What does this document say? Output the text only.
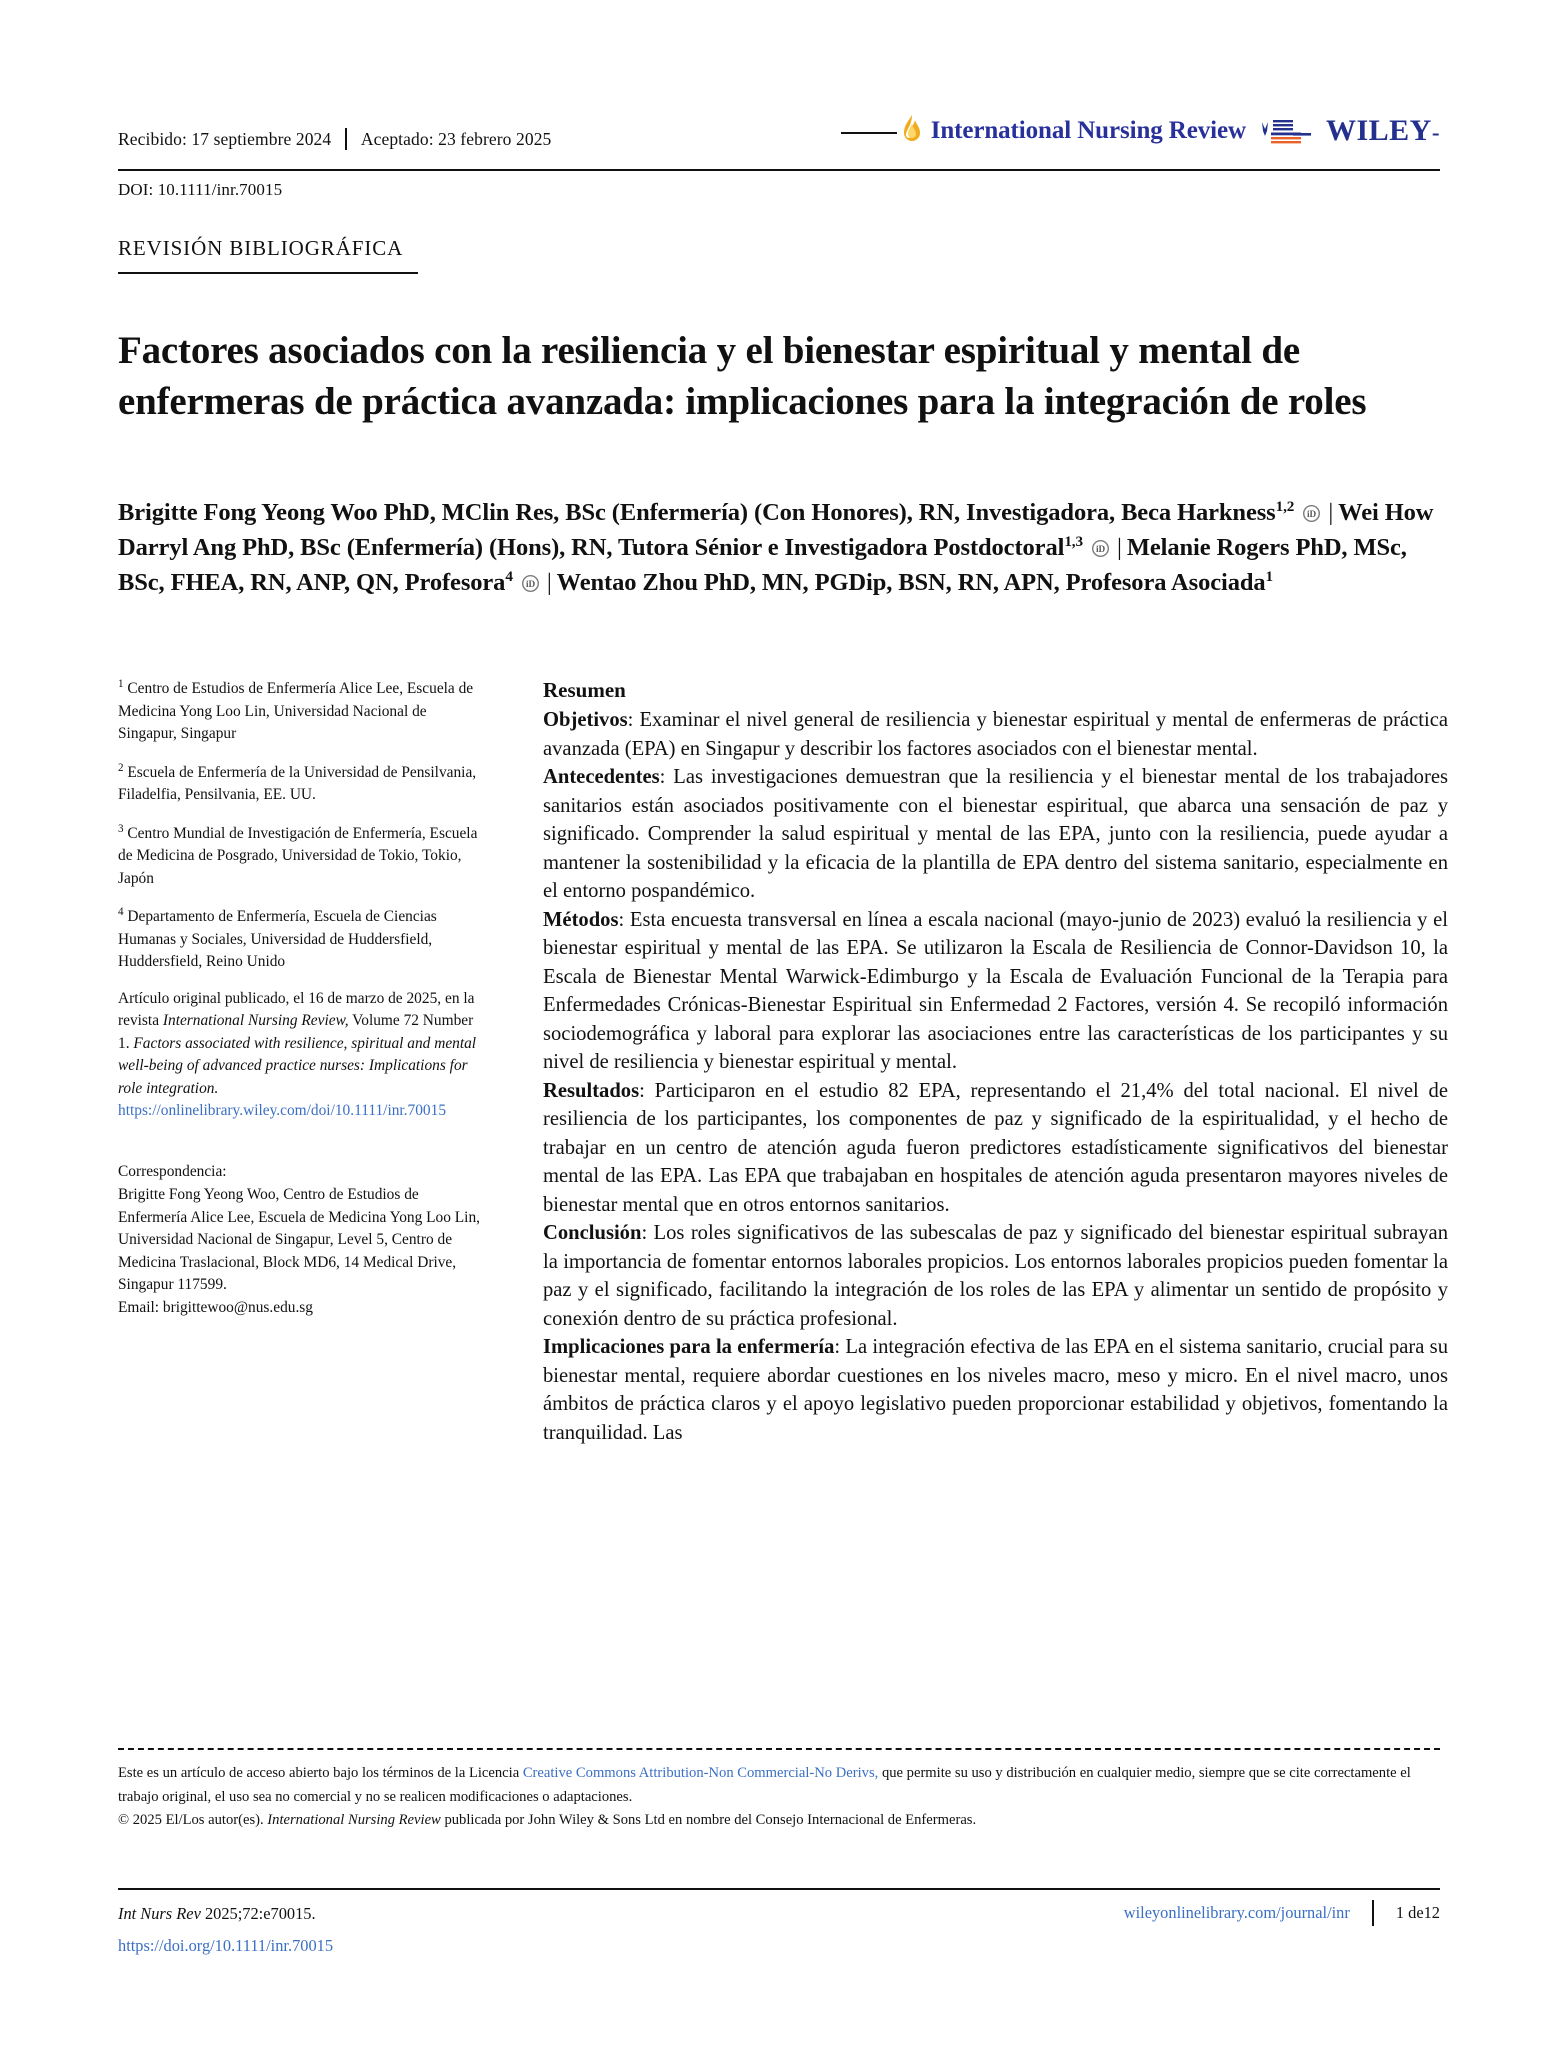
Recibido: 17 septiembre 2024 Aceptado: 23 febrero 2025	International Nursing Review	WILEY-
DOI: 10.1111/inr.70015
REVISIÓN BIBLIOGRÁFICA
Factores asociados con la resiliencia y el bienestar espiritual y mental de enfermeras de práctica avanzada: implicaciones para la integración de roles
Brigitte Fong Yeong Woo PhD, MClin Res, BSc (Enfermería) (Con Honores), RN, Investigadora, Beca Harkness$^{1,2}$ iD | Wei How Darryl Ang PhD, BSc (Enfermería) (Hons), RN, Tutora Sénior e Investigadora Postdoctoral$^{1,3}$ iD | Melanie Rogers PhD, MSc, BSc, FHEA, RN, ANP, QN, Profesora$^4$ iD | Wentao Zhou PhD, MN, PGDip, BSN, RN, APN, Profesora Asociada$^1$
$^1$ Centro de Estudios de Enfermería Alice Lee, Escuela de Medicina Yong Loo Lin, Universidad Nacional de Singapur, Singapur
$^2$ Escuela de Enfermería de la Universidad de Pensilvania, Filadelfia, Pensilvania, EE. UU.
$^3$ Centro Mundial de Investigación de Enfermería, Escuela de Medicina de Posgrado, Universidad de Tokio, Tokio, Japón
$^4$ Departamento de Enfermería, Escuela de Ciencias Humanas y Sociales, Universidad de Huddersfield, Huddersfield, Reino Unido
Artículo original publicado, el 16 de marzo de 2025, en la revista International Nursing Review, Volume 72 Number 1. Factors associated with resilience, spiritual and mental well-being of advanced practice nurses: Implications for role integration. https://onlinelibrary.wiley.com/doi/10.1111/inr.70015
Correspondencia:
Brigitte Fong Yeong Woo, Centro de Estudios de Enfermería Alice Lee, Escuela de Medicina Yong Loo Lin, Universidad Nacional de Singapur, Level 5, Centro de Medicina Traslacional, Block MD6, 14 Medical Drive, Singapur 117599.
Email: brigittewoo@nus.edu.sg
Resumen

Objetivos: Examinar el nivel general de resiliencia y bienestar espiritual y mental de enfermeras de práctica avanzada (EPA) en Singapur y describir los factores asociados con el bienestar mental.

Antecedentes: Las investigaciones demuestran que la resiliencia y el bienestar mental de los trabajadores sanitarios están asociados positivamente con el bienestar espiritual, que abarca una sensación de paz y significado. Comprender la salud espiritual y mental de las EPA, junto con la resiliencia, puede ayudar a mantener la sostenibilidad y la eficacia de la plantilla de EPA dentro del sistema sanitario, especialmente en el entorno pospandémico.

Métodos: Esta encuesta transversal en línea a escala nacional (mayo-junio de 2023) evaluó la resiliencia y el bienestar espiritual y mental de las EPA. Se utilizaron la Escala de Resiliencia de Connor-Davidson 10, la Escala de Bienestar Mental Warwick-Edimburgo y la Escala de Evaluación Funcional de la Terapia para Enfermedades Crónicas-Bienestar Espiritual sin Enfermedad 2 Factores, versión 4. Se recopiló información sociodemográfica y laboral para explorar las asociaciones entre las características de los participantes y su nivel de resiliencia y bienestar espiritual y mental.

Resultados: Participaron en el estudio 82 EPA, representando el 21,4% del total nacional. El nivel de resiliencia de los participantes, los componentes de paz y significado de la espiritualidad, y el hecho de trabajar en un centro de atención aguda fueron predictores estadísticamente significativos del bienestar mental de las EPA. Las EPA que trabajaban en hospitales de atención aguda presentaron mayores niveles de bienestar mental que en otros entornos sanitarios.

Conclusión: Los roles significativos de las subescalas de paz y significado del bienestar espiritual subrayan la importancia de fomentar entornos laborales propicios. Los entornos laborales propicios pueden fomentar la paz y el significado, facilitando la integración de los roles de las EPA y alimentar un sentido de propósito y conexión dentro de su práctica profesional.

Implicaciones para la enfermería: La integración efectiva de las EPA en el sistema sanitario, crucial para su bienestar mental, requiere abordar cuestiones en los niveles macro, meso y micro. En el nivel macro, unos ámbitos de práctica claros y el apoyo legislativo pueden proporcionar estabilidad y objetivos, fomentando la tranquilidad. Las

Este es un artículo de acceso abierto bajo los términos de la Licencia Creative Commons Attribution-Non Commercial-No Derivs, que permite su uso y distribución en cualquier medio, siempre que se cite correctamente el trabajo original, el uso sea no comercial y no se realicen modificaciones o adaptaciones.
© 2025 El/Los autor(es). International Nursing Review publicada por John Wiley & Sons Ltd en nombre del Consejo Internacional de Enfermeras.
Int Nurs Rev 2025;72:e70015.
https://doi.org/10.1111/inr.70015
wileyonlinelibrary.com/journal/inr	1 de12
